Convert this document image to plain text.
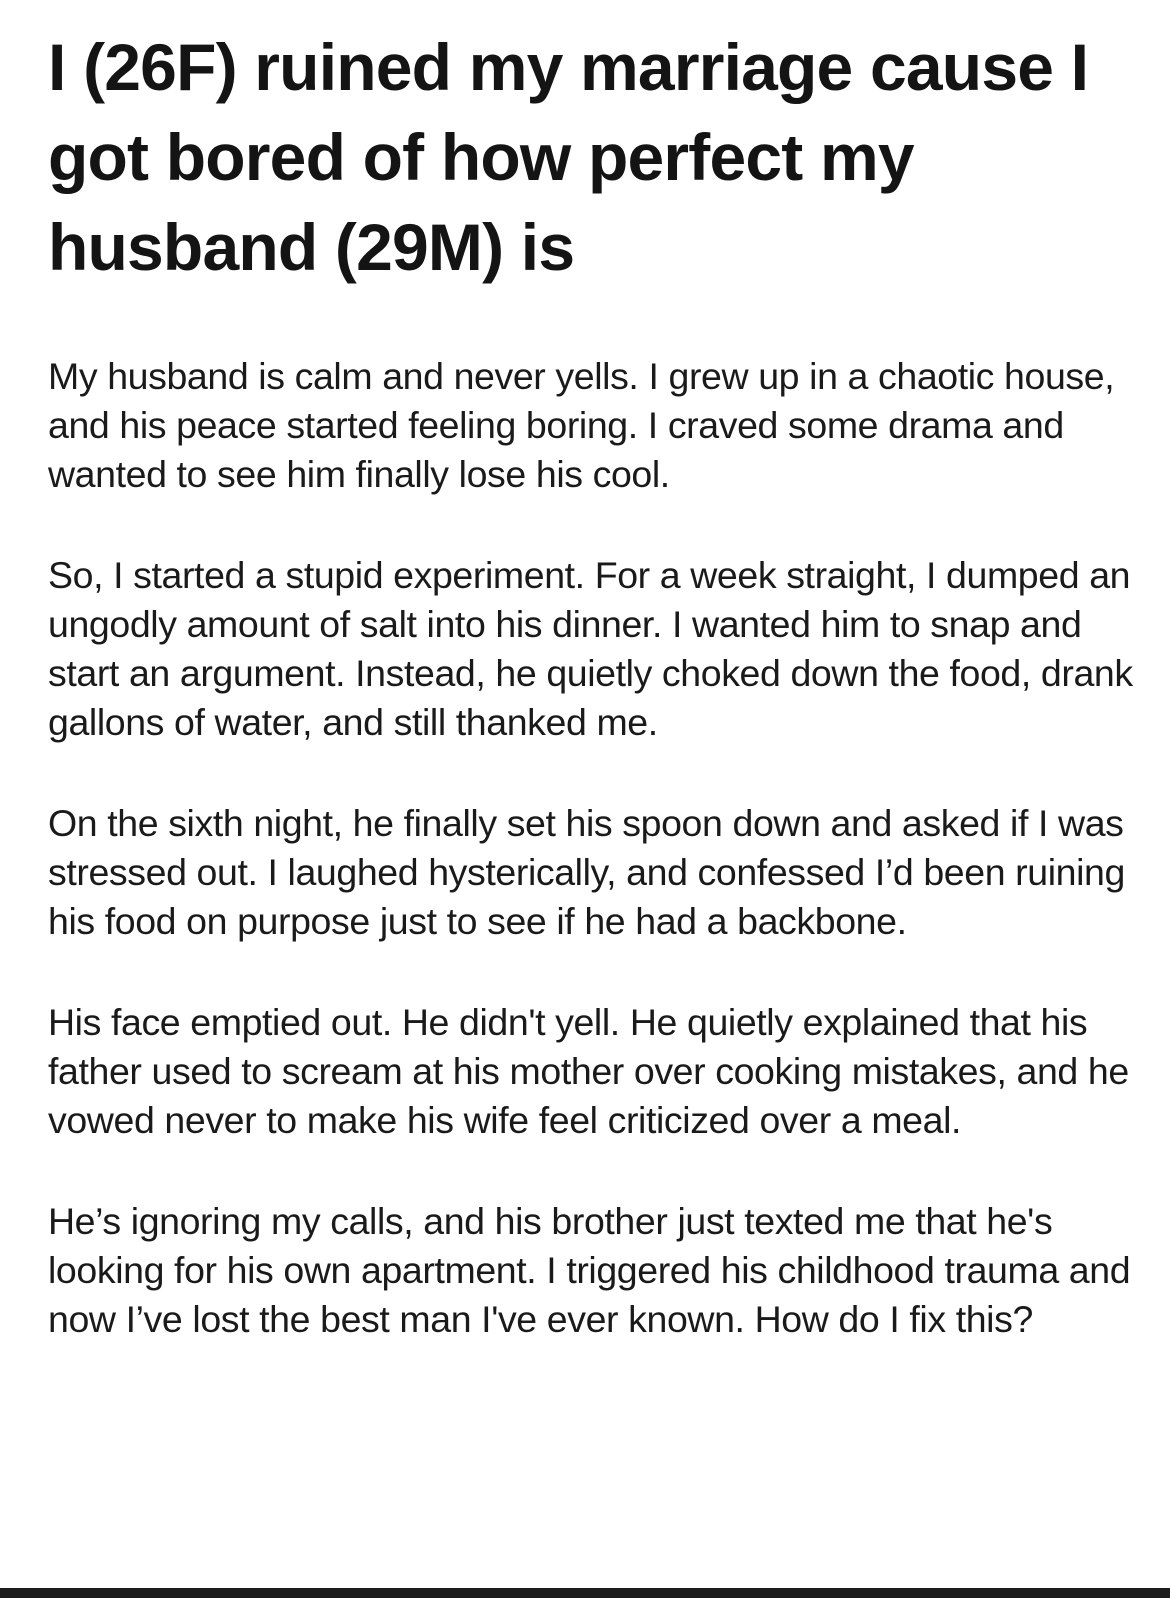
I (26F) ruined my marriage cause I got bored of how perfect my husband (29M) is

My husband is calm and never yells. I grew up in a chaotic house, and his peace started feeling boring. I craved some drama and wanted to see him finally lose his cool.

So, I started a stupid experiment. For a week straight, I dumped an ungodly amount of salt into his dinner. I wanted him to snap and start an argument. Instead, he quietly choked down the food, drank gallons of water, and still thanked me.

On the sixth night, he finally set his spoon down and asked if I was stressed out. I laughed hysterically, and confessed I’d been ruining his food on purpose just to see if he had a backbone.

His face emptied out. He didn't yell. He quietly explained that his father used to scream at his mother over cooking mistakes, and he vowed never to make his wife feel criticized over a meal.

He’s ignoring my calls, and his brother just texted me that he's looking for his own apartment. I triggered his childhood trauma and now I’ve lost the best man I've ever known. How do I fix this?
